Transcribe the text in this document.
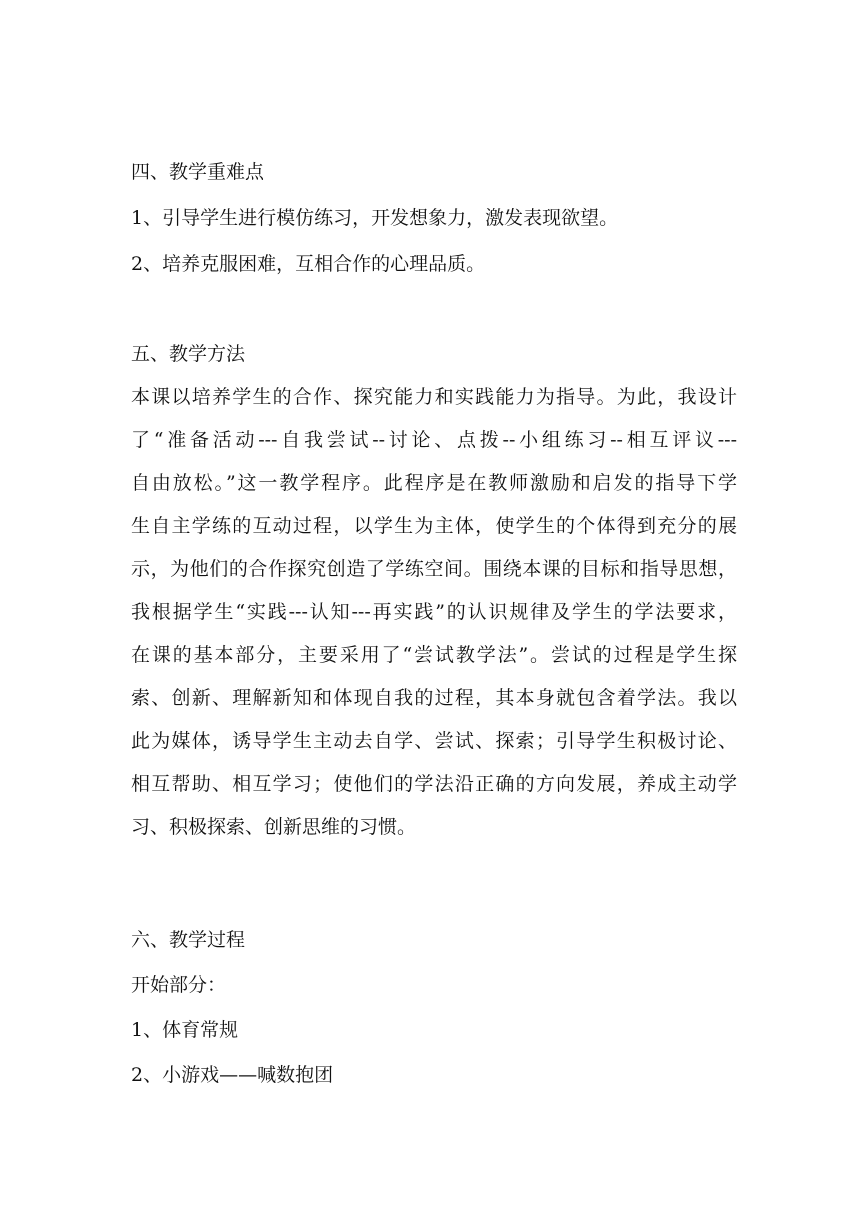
四、教学重难点

1、引导学生进行模仿练习，开发想象力，激发表现欲望。

2、培养克服困难，互相合作的心理品质。

五、教学方法

本课以培养学生的合作、探究能力和实践能力为指导。为此，我设计

了“准备活动---自我尝试--讨论、点拨--小组练习--相互评议---

自由放松。”这一教学程序。此程序是在教师激励和启发的指导下学

生自主学练的互动过程，以学生为主体，使学生的个体得到充分的展

示，为他们的合作探究创造了学练空间。围绕本课的目标和指导思想，

我根据学生“实践---认知---再实践”的认识规律及学生的学法要求，

在课的基本部分，主要采用了“尝试教学法”。尝试的过程是学生探

索、创新、理解新知和体现自我的过程，其本身就包含着学法。我以

此为媒体，诱导学生主动去自学、尝试、探索；引导学生积极讨论、

相互帮助、相互学习；使他们的学法沿正确的方向发展，养成主动学

习、积极探索、创新思维的习惯。

六、教学过程

开始部分：

1、体育常规

2、小游戏——喊数抱团
